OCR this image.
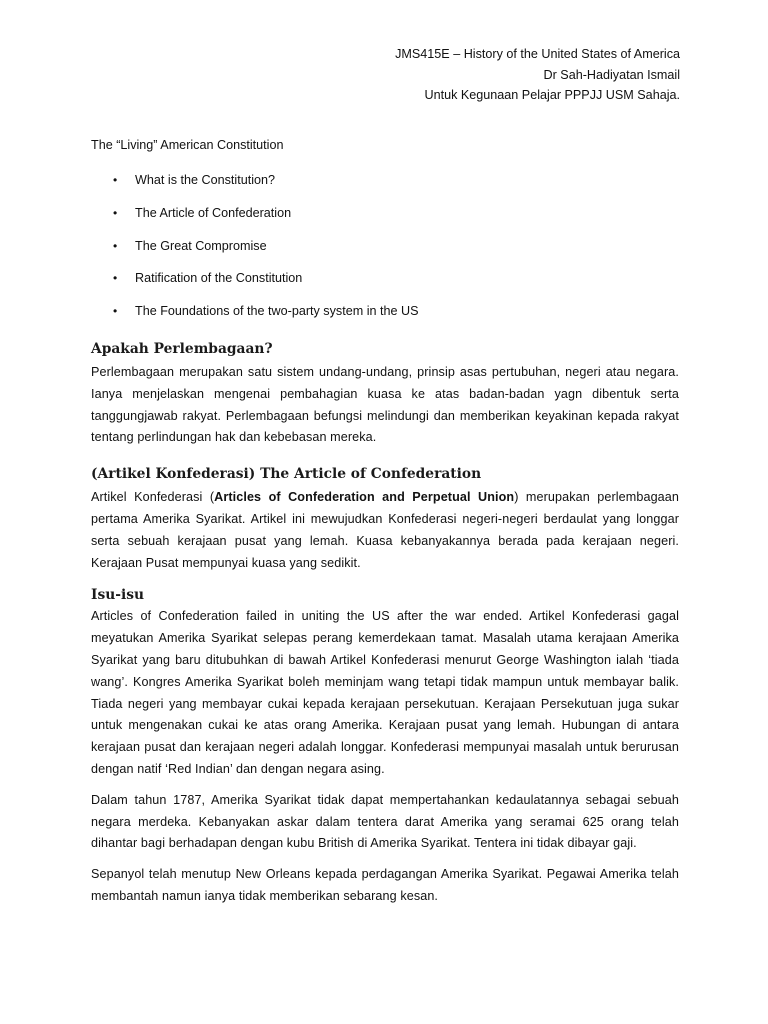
JMS415E – History of the United States of America
Dr Sah-Hadiyatan Ismail
Untuk Kegunaan Pelajar PPPJJ USM Sahaja.
The “Living” American Constitution
• What is the Constitution?
• The Article of Confederation
• The Great Compromise
• Ratification of the Constitution
• The Foundations of the two-party system in the US
Apakah Perlembagaan?

Perlembagaan merupakan satu sistem undang-undang, prinsip asas pertubuhan, negeri atau negara. Ianya menjelaskan mengenai pembahagian kuasa ke atas badan-badan yagn dibentuk serta tanggungjawab rakyat. Perlembagaan befungsi melindungi dan memberikan keyakinan kepada rakyat tentang perlindungan hak dan kebebasan mereka.

(Artikel Konfederasi) The Article of Confederation

Artikel Konfederasi (Articles of Confederation and Perpetual Union) merupakan perlembagaan pertama Amerika Syarikat. Artikel ini mewujudkan Konfederasi negeri-negeri berdaulat yang longgar serta sebuah kerajaan pusat yang lemah. Kuasa kebanyakannya berada pada kerajaan negeri. Kerajaan Pusat mempunyai kuasa yang sedikit.

Isu-isu

Articles of Confederation failed in uniting the US after the war ended. Artikel Konfederasi gagal meyatukan Amerika Syarikat selepas perang kemerdekaan tamat. Masalah utama kerajaan Amerika Syarikat yang baru ditubuhkan di bawah Artikel Konfederasi menurut George Washington ialah ‘tiada wang’. Kongres Amerika Syarikat boleh meminjam wang tetapi tidak mampun untuk membayar balik. Tiada negeri yang membayar cukai kepada kerajaan persekutuan. Kerajaan Persekutuan juga sukar untuk mengenakan cukai ke atas orang Amerika. Kerajaan pusat yang lemah. Hubungan di antara kerajaan pusat dan kerajaan negeri adalah longgar. Konfederasi mempunyai masalah untuk berurusan dengan natif ‘Red Indian’ dan dengan negara asing.

Dalam tahun 1787, Amerika Syarikat tidak dapat mempertahankan kedaulatannya sebagai sebuah negara merdeka. Kebanyakan askar dalam tentera darat Amerika yang seramai 625 orang telah dihantar bagi berhadapan dengan kubu British di Amerika Syarikat. Tentera ini tidak dibayar gaji.

Sepanyol telah menutup New Orleans kepada perdagangan Amerika Syarikat. Pegawai Amerika telah membantah namun ianya tidak memberikan sebarang kesan.
